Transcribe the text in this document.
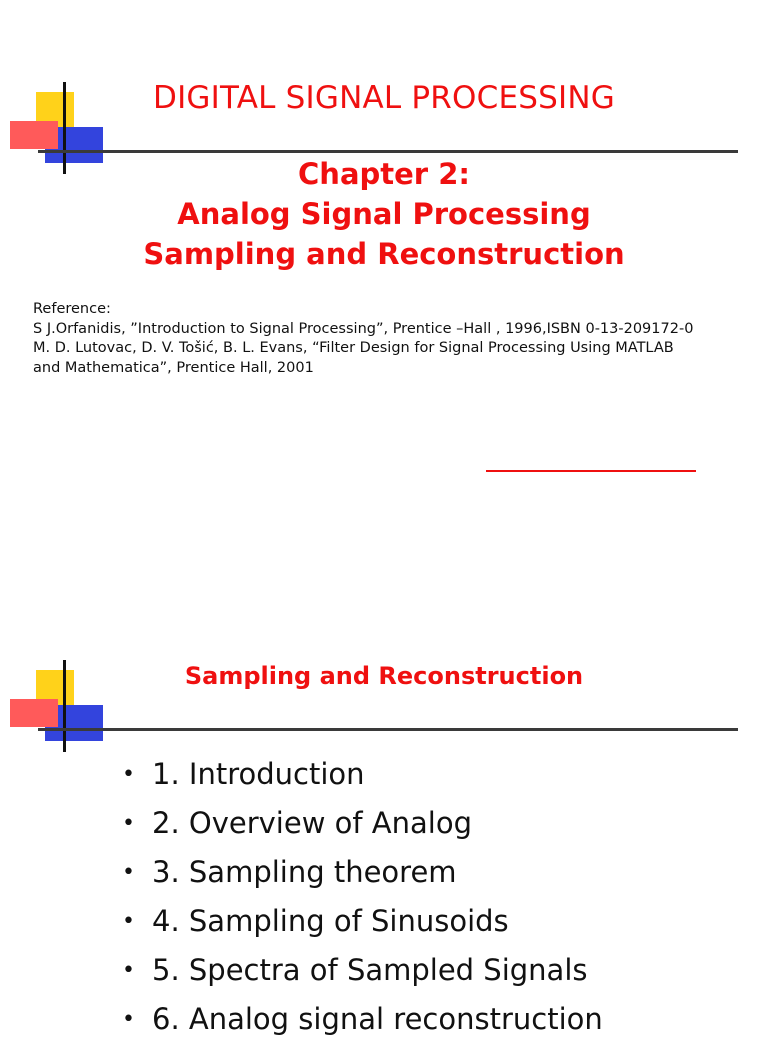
DIGITAL SIGNAL PROCESSING
Chapter 2:
Analog Signal Processing
Sampling and Reconstruction
Reference:
S J.Orfanidis, ”Introduction to Signal Processing”, Prentice –Hall , 1996,ISBN 0-13-209172-0
M. D. Lutovac, D. V. Tošić, B. L. Evans, “Filter Design for Signal Processing Using MATLAB
and Mathematica”, Prentice Hall, 2001
Sampling and Reconstruction
• 1. Introduction
• 2. Overview of Analog
• 3. Sampling theorem
• 4. Sampling of Sinusoids
• 5. Spectra of Sampled Signals
• 6. Analog signal reconstruction
